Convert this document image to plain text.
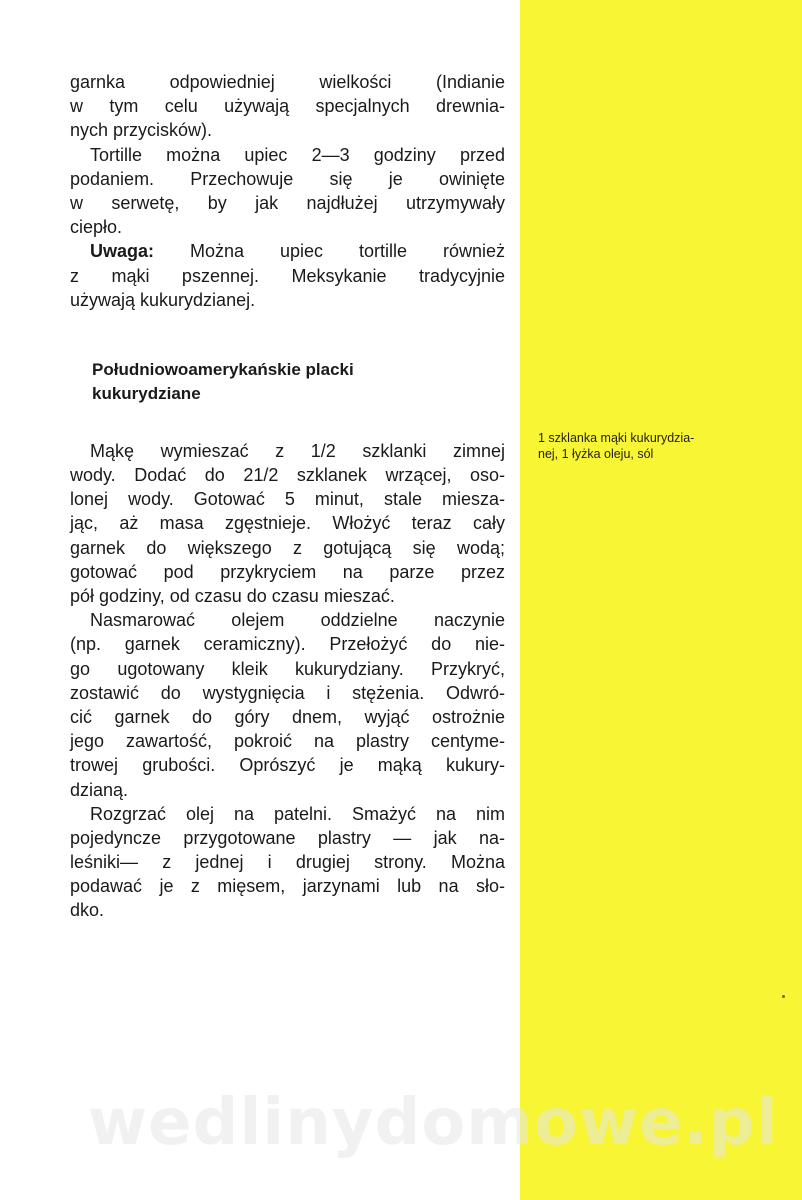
1 szklanka mąki kukurydzia-
nej, 1 łyżka oleju, sól
garnka odpowiedniej wielkości (Indianie
w tym celu używają specjalnych drewnia-
nych przycisków).
Tortille można upiec 2—3 godziny przed
podaniem. Przechowuje się je owinięte
w serwetę, by jak najdłużej utrzymywały
ciepło.
Uwaga: Można upiec tortille również
z mąki pszennej. Meksykanie tradycyjnie
używają kukurydzianej.
Południowoamerykańskie placki
kukurydziane
Mąkę wymieszać z 1/2 szklanki zimnej
wody. Dodać do 21/2 szklanek wrzącej, oso-
lonej wody. Gotować 5 minut, stale miesza-
jąc, aż masa zgęstnieje. Włożyć teraz cały
garnek do większego z gotującą się wodą;
gotować pod przykryciem na parze przez
pół godziny, od czasu do czasu mieszać.
Nasmarować olejem oddzielne naczynie
(np. garnek ceramiczny). Przełożyć do nie-
go ugotowany kleik kukurydziany. Przykryć,
zostawić do wystygnięcia i stężenia. Odwró-
cić garnek do góry dnem, wyjąć ostrożnie
jego zawartość, pokroić na plastry centyme-
trowej grubości. Oprószyć je mąką kukury-
dzianą.
Rozgrzać olej na patelni. Smażyć na nim
pojedyncze przygotowane plastry — jak na-
leśniki— z jednej i drugiej strony. Można
podawać je z mięsem, jarzynami lub na sło-
dko.
wedlinydomowe.pl
